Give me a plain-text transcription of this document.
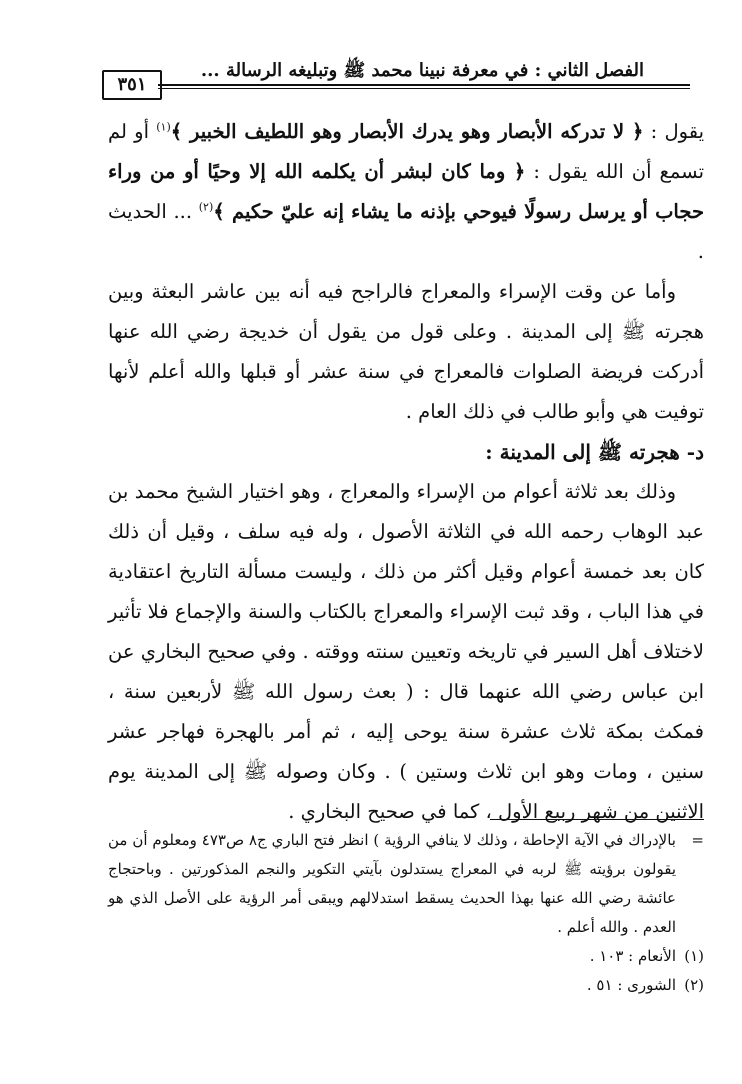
الفصل الثاني : في معرفة نبينا محمد ﷺ وتبليغه الرسالة ...
٣٥١

يقول : ﴿ لا تدركه الأبصار وهو يدرك الأبصار وهو اللطيف الخبير ﴾$^{(١)}$ أو لم تسمع أن الله يقول : ﴿ وما كان لبشر أن يكلمه الله إلا وحيًا أو من وراء حجاب أو يرسل رسولًا فيوحي بإذنه ما يشاء إنه عليّ حكيم ﴾$^{(٢)}$ ... الحديث .

وأما عن وقت الإسراء والمعراج فالراجح فيه أنه بين عاشر البعثة وبين هجرته ﷺ إلى المدينة . وعلى قول من يقول أن خديجة رضي الله عنها أدركت فريضة الصلوات فالمعراج في سنة عشر أو قبلها والله أعلم لأنها توفيت هي وأبو طالب في ذلك العام .

د- هجرته ﷺ إلى المدينة :

وذلك بعد ثلاثة أعوام من الإسراء والمعراج ، وهو اختيار الشيخ محمد بن عبد الوهاب رحمه الله في الثلاثة الأصول ، وله فيه سلف ، وقيل أن ذلك كان بعد خمسة أعوام وقيل أكثر من ذلك ، وليست مسألة التاريخ اعتقادية في هذا الباب ، وقد ثبت الإسراء والمعراج بالكتاب والسنة والإجماع فلا تأثير لاختلاف أهل السير في تاريخه وتعيين سنته ووقته . وفي صحيح البخاري عن ابن عباس رضي الله عنهما قال : ( بعث رسول الله ﷺ لأربعين سنة ، فمكث بمكة ثلاث عشرة سنة يوحى إليه ، ثم أمر بالهجرة فهاجر عشر سنين ، ومات وهو ابن ثلاث وستين ) . وكان وصوله ﷺ إلى المدينة يوم الاثنين من شهر ربيع الأول ، كما في صحيح البخاري .

=
بالإدراك في الآية الإحاطة ، وذلك لا ينافي الرؤية ) انظر فتح الباري ج٨ ص٤٧٣ ومعلوم أن من يقولون برؤيته ﷺ لربه في المعراج يستدلون بآيتي التكوير والنجم المذكورتين . وباحتجاج عائشة رضي الله عنها بهذا الحديث يسقط استدلالهم ويبقى أمر الرؤية على الأصل الذي هو العدم . والله أعلم .

(١)الأنعام : ١٠٣ .

(٢)الشورى : ٥١ .
